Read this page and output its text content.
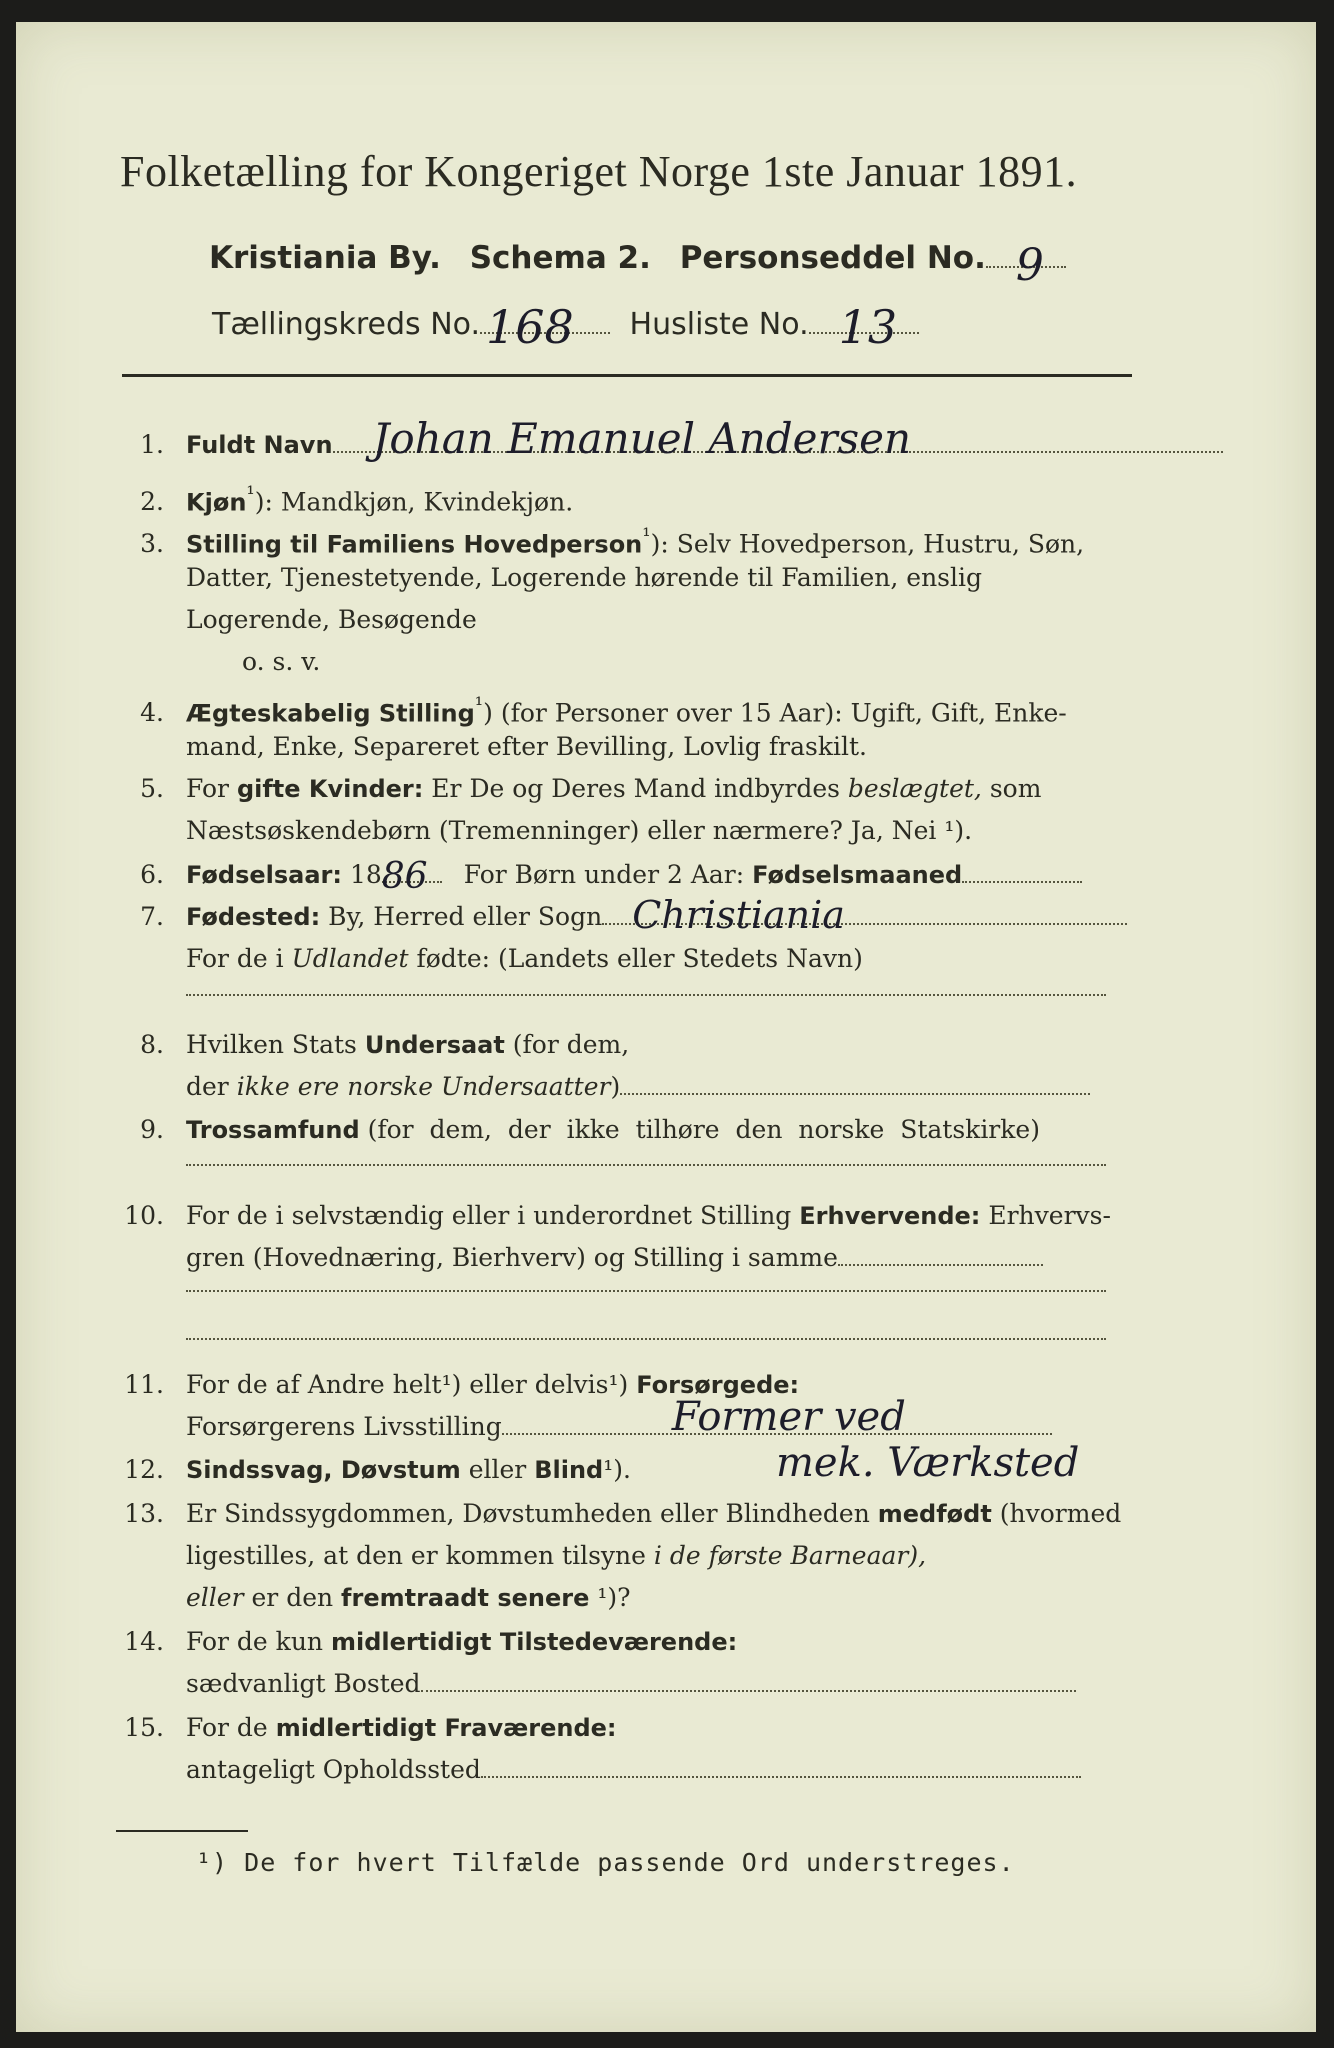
Folketælling for Kongeriget Norge 1ste Januar 1891.
Kristiania By. Schema 2. Personseddel No. 9
Tællingskreds No. 168 Husliste No. 13
1. Fuldt Navn Johan Emanuel Andersen
2. Kjøn$^{^1}$): Mandkjøn, Kvindekjøn.
3. Stilling til Familiens Hovedperson$^{^1}$): Selv Hovedperson, Hustru, Søn,
Datter, Tjenestetyende, Logerende hørende til Familien, enslig
Logerende, Besøgende
o. s. v.
4. Ægteskabelig Stilling$^{^1}$) (for Personer over 15 Aar): Ugift, Gift, Enke-
mand, Enke, Separeret efter Bevilling, Lovlig fraskilt.
5. For gifte Kvinder: Er De og Deres Mand indbyrdes beslægtet, som
Næstsøskendebørn (Tremenninger) eller nærmere? Ja, Nei ¹).
6. Fødselsaar: 18 86 For Børn under 2 Aar: Fødselsmaaned
7. Fødested: By, Herred eller Sogn Christiania
For de i Udlandet fødte: (Landets eller Stedets Navn)
8. Hvilken Stats Undersaat (for dem,
der ikke ere norske Undersaatter)
9. Trossamfund (for dem, der ikke tilhøre den norske Statskirke)
10. For de i selvstændig eller i underordnet Stilling Erhvervende: Erhvervs-
gren (Hovednæring, Bierhverv) og Stilling i samme
11. For de af Andre helt¹) eller delvis¹) Forsørgede:
Forsørgerens Livsstilling	Former ved
mek. Værksted
12. Sindssvag, Døvstum eller Blind¹).
13. Er Sindssygdommen, Døvstumheden eller Blindheden medfødt (hvormed
ligestilles, at den er kommen tilsyne i de første Barneaar),
eller er den fremtraadt senere ¹)?
14. For de kun midlertidigt Tilstedeværende:
sædvanligt Bosted
15. For de midlertidigt Fraværende:
antageligt Opholdssted
¹) De for hvert Tilfælde passende Ord understreges.
